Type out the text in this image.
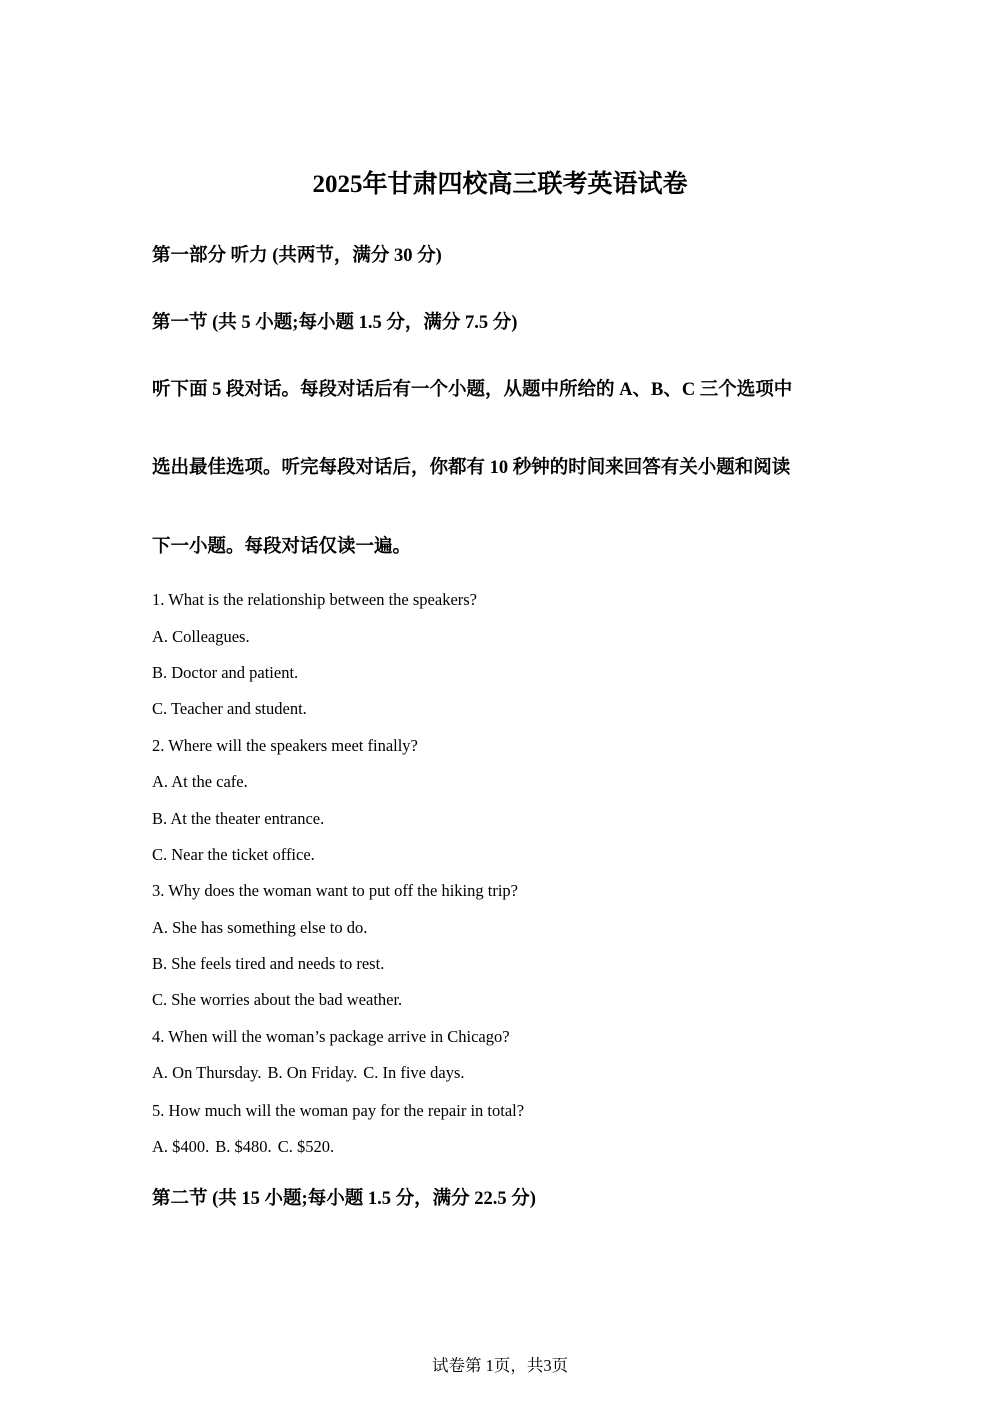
2025年甘肃四校高三联考英语试卷
第一部分 听力 (共两节，满分 30 分)
第一节 (共 5 小题;每小题 1.5 分，满分 7.5 分)
听下面 5 段对话。每段对话后有一个小题，从题中所给的 A、B、C 三个选项中
选出最佳选项。听完每段对话后，你都有 10 秒钟的时间来回答有关小题和阅读
下一小题。每段对话仅读一遍。
1. What is the relationship between the speakers?
A. Colleagues.
B. Doctor and patient.
C. Teacher and student.
2. Where will the speakers meet finally?
A. At the cafe.
B. At the theater entrance.
C. Near the ticket office.
3. Why does the woman want to put off the hiking trip?
A. She has something else to do.
B. She feels tired and needs to rest.
C. She worries about the bad weather.
4. When will the woman’s package arrive in Chicago?
A. On Thursday. B. On Friday. C. In five days.
5. How much will the woman pay for the repair in total?
A. $400. B. $480. C. $520.
第二节 (共 15 小题;每小题 1.5 分，满分 22.5 分)
试卷第 1页，共3页
